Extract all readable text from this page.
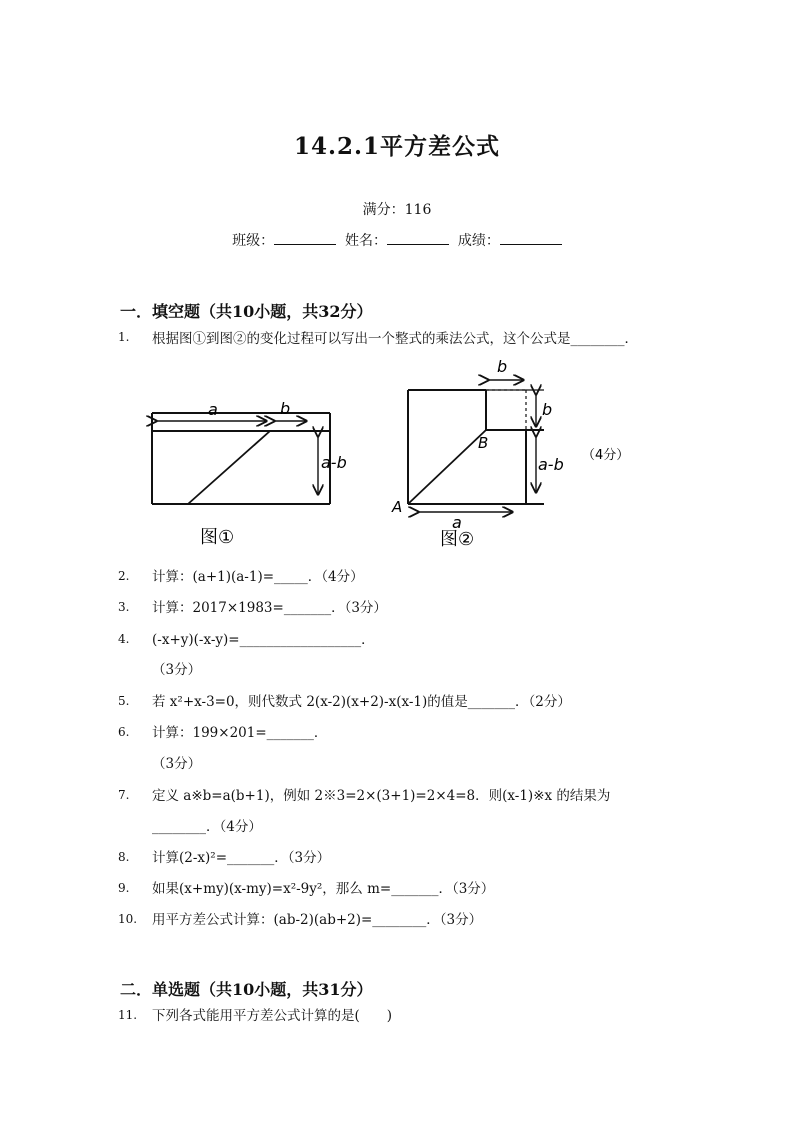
14.2.1平方差公式
满分：116
班级：	姓名：	成绩：
一．填空题（共10小题，共32分）
1.	根据图①到图②的变化过程可以写出一个整式的乘法公式，这个公式是________．
a	b
a-b
图①
b
b
a-b
a
A
B
图②
（4分）
2.	计算：(a+1)(a-1)=_____．（4分）
3.	计算：2017×1983=_______．（3分）
4.	(-x+y)(-x-y)=__________________．
（3分）
5.	若 x²+x-3=0，则代数式 2(x-2)(x+2)-x(x-1)的值是_______．（2分）
6.	计算：199×201=_______．
（3分）
7.	定义 a※b=a(b+1)，例如 2※3=2×(3+1)=2×4=8．则(x-1)※x 的结果为
________．（4分）
8.	计算(2-x)²=_______．（3分）
9.	如果(x+my)(x-my)=x²-9y²，那么 m=_______．（3分）
10.	用平方差公式计算：(ab-2)(ab+2)=________．（3分）
二．单选题（共10小题，共31分）
11.	下列各式能用平方差公式计算的是(　　)
